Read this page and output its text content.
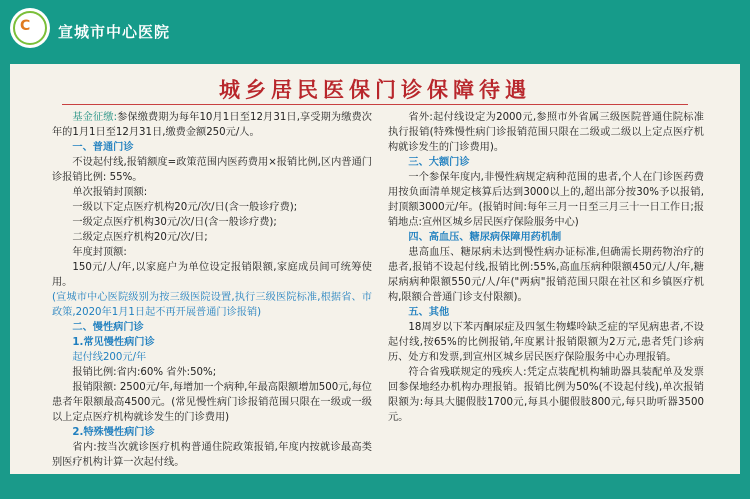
C 宣城市中心医院
城乡居民医保门诊保障待遇

基金征缴:参保缴费期为每年10月1日至12月31日,享受期为缴费次年的1月1日至12月31日,缴费金额250元/人。

一、普通门诊

不设起付线,报销额度=政策范围内医药费用×报销比例,区内普通门诊报销比例: 55%。

单次报销封顶额:

一级以下定点医疗机构20元/次/日(含一般诊疗费);

一级定点医疗机构30元/次/日(含一般诊疗费);

二级定点医疗机构20元/次/日;

年度封顶额:

150元/人/年,以家庭户为单位设定报销限额,家庭成员间可统筹使用。

(宣城市中心医院级别为按三级医院设置,执行三级医院标准,根据省、市政策,2020年1月1日起不再开展普通门诊报销)

二、慢性病门诊

1.常见慢性病门诊

起付线200元/年

报销比例:省内:60% 省外:50%;

报销限额: 2500元/年,每增加一个病种,年最高限额增加500元,每位患者年限额最高4500元。(常见慢性病门诊报销范围只限在一级或一级以上定点医疗机构就诊发生的门诊费用)

2.特殊慢性病门诊

省内:按当次就诊医疗机构普通住院政策报销,年度内按就诊最高类别医疗机构计算一次起付线。

省外:起付线设定为2000元,参照市外省属三级医院普通住院标准执行报销(特殊慢性病门诊报销范围只限在二级或二级以上定点医疗机构就诊发生的门诊费用)。

三、大额门诊

一个参保年度内,非慢性病规定病种范围的患者,个人在门诊医药费用按负面清单规定核算后达到3000以上的,超出部分按30%予以报销,封顶额3000元/年。(报销时间:每年三月一日至三月三十一日工作日;报销地点:宣州区城乡居民医疗保险服务中心)

四、高血压、糖尿病保障用药机制

患高血压、糖尿病未达到慢性病办证标准,但确需长期药物治疗的患者,报销不设起付线,报销比例:55%,高血压病种限额450元/人/年,糖尿病病种限额550元/人/年("两病"报销范围只限在社区和乡镇医疗机构,限额合普通门诊支付限额)。

五、其他

18周岁以下苯丙酮尿症及四氢生物蝶呤缺乏症的罕见病患者,不设起付线,按65%的比例报销,年度累计报销限额为2万元,患者凭门诊病历、处方和发票,到宣州区城乡居民医疗保险服务中心办理报销。

符合省残联规定的残疾人:凭定点装配机构辅助器具装配单及发票回参保地经办机构办理报销。报销比例为50%(不设起付线),单次报销限额为:每具大腿假肢1700元,每具小腿假肢800元,每只助听器3500元。
